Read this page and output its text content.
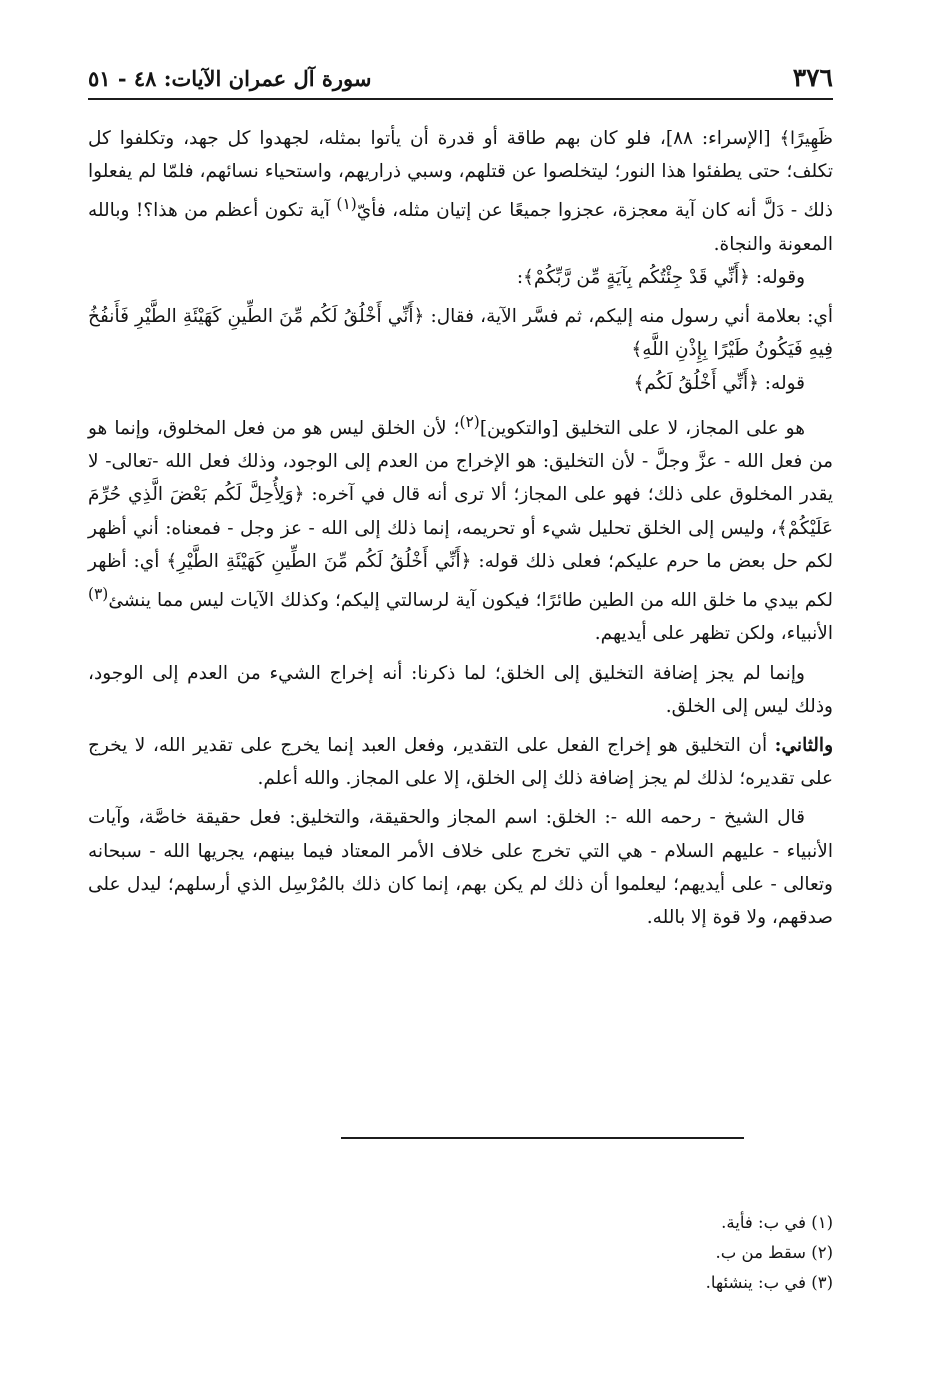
٣٧٦
سورة آل عمران الآيات: ٤٨ - ٥١

ظَهِيرًا﴾ [الإسراء: ٨٨]، فلو كان بهم طاقة أو قدرة أن يأتوا بمثله، لجهدوا كل جهد، وتكلفوا كل تكلف؛ حتى يطفئوا هذا النور؛ ليتخلصوا عن قتلهم، وسبي ذراريهم، واستحياء نسائهم، فلمّا لم يفعلوا ذلك - دَلَّ أنه كان آية معجزة، عجزوا جميعًا عن إتيان مثله، فأيّ$^{(١)}$ آية تكون أعظم من هذا؟! وبالله المعونة والنجاة.

وقوله: ﴿أَنِّي قَدْ جِئْتُكُم بِآيَةٍ مِّن رَّبِّكُمْ﴾:

أي: بعلامة أني رسول منه إليكم، ثم فسَّر الآية، فقال: ﴿أَنِّي أَخْلُقُ لَكُم مِّنَ الطِّينِ كَهَيْئَةِ الطَّيْرِ فَأَنفُخُ فِيهِ فَيَكُونُ طَيْرًا بِإِذْنِ اللَّهِ﴾

قوله: ﴿أَنِّي أَخْلُقُ لَكُم﴾

هو على المجاز، لا على التخليق [والتكوين]$^{(٢)}$؛ لأن الخلق ليس هو من فعل المخلوق، وإنما هو من فعل الله - عزَّ وجلَّ - لأن التخليق: هو الإخراج من العدم إلى الوجود، وذلك فعل الله -تعالى- لا يقدر المخلوق على ذلك؛ فهو على المجاز؛ ألا ترى أنه قال في آخره: ﴿وَلِأُحِلَّ لَكُم بَعْضَ الَّذِي حُرِّمَ عَلَيْكُمْ﴾، وليس إلى الخلق تحليل شيء أو تحريمه، إنما ذلك إلى الله - عز وجل - فمعناه: أني أظهر لكم حل بعض ما حرم عليكم؛ فعلى ذلك قوله: ﴿أَنِّي أَخْلُقُ لَكُم مِّنَ الطِّينِ كَهَيْئَةِ الطَّيْرِ﴾ أي: أظهر لكم بيدي ما خلق الله من الطين طائرًا؛ فيكون آية لرسالتي إليكم؛ وكذلك الآيات ليس مما ينشئ$^{(٣)}$ الأنبياء، ولكن تظهر على أيديهم.

وإنما لم يجز إضافة التخليق إلى الخلق؛ لما ذكرنا: أنه إخراج الشيء من العدم إلى الوجود، وذلك ليس إلى الخلق.

والثاني: أن التخليق هو إخراج الفعل على التقدير، وفعل العبد إنما يخرج على تقدير الله، لا يخرج على تقديره؛ لذلك لم يجز إضافة ذلك إلى الخلق، إلا على المجاز. والله أعلم.

قال الشيخ - رحمه الله -: الخلق: اسم المجاز والحقيقة، والتخليق: فعل حقيقة خاصَّة، وآيات الأنبياء - عليهم السلام - هي التي تخرج على خلاف الأمر المعتاد فيما بينهم، يجريها الله - سبحانه وتعالى - على أيديهم؛ ليعلموا أن ذلك لم يكن بهم، إنما كان ذلك بالمُرْسِل الذي أرسلهم؛ ليدل على صدقهم، ولا قوة إلا بالله.

(١) في ب: فأية.
(٢) سقط من ب.
(٣) في ب: ينشئها.
